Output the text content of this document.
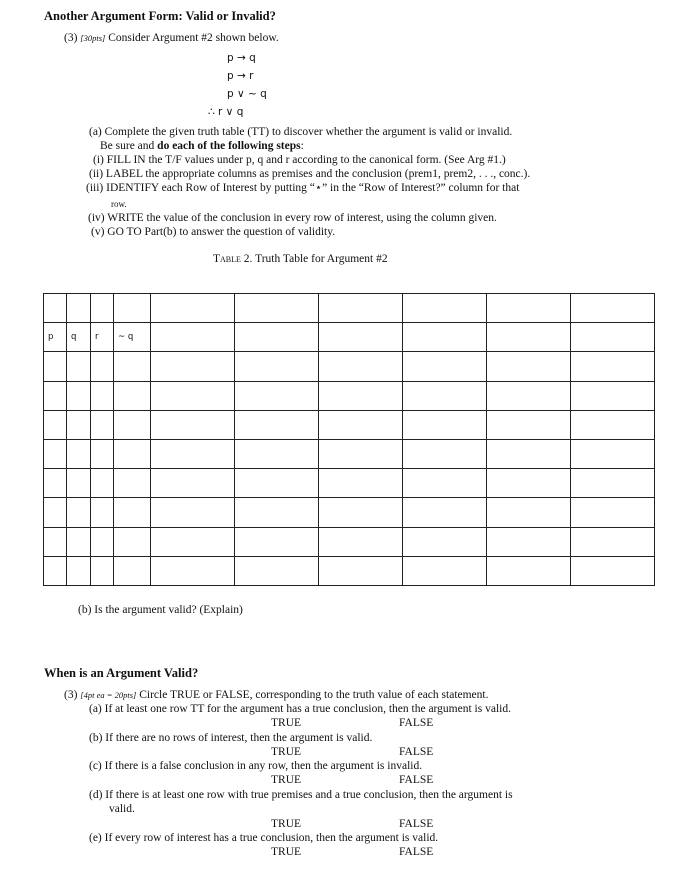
Another Argument Form: Valid or Invalid?
(3) [30pts] Consider Argument #2 shown below.
p → q
p → r
p ∨ ~ q
∴ r ∨ q
(a) Complete the given truth table (TT) to discover whether the argument is valid or invalid.
Be sure and do each of the following steps:
(i) FILL IN the T/F values under p, q and r according to the canonical form. (See Arg #1.)
(ii) LABEL the appropriate columns as premises and the conclusion (prem1, prem2, . . ., conc.).
(iii) IDENTIFY each Row of Interest by putting “⋆” in the “Row of Interest?” column for that
row.
(iv) WRITE the value of the conclusion in every row of interest, using the column given.
(v) GO TO Part(b) to answer the question of validity.
Table 2. Truth Table for Argument #2

p	q	r	~ q						

(b) Is the argument valid? (Explain)
When is an Argument Valid?
(3) [4pt ea = 20pts] Circle TRUE or FALSE, corresponding to the truth value of each statement.
(a) If at least one row TT for the argument has a true conclusion, then the argument is valid.
TRUE	FALSE
(b) If there are no rows of interest, then the argument is valid.
TRUE	FALSE
(c) If there is a false conclusion in any row, then the argument is invalid.
TRUE	FALSE
(d) If there is at least one row with true premises and a true conclusion, then the argument is
valid.
TRUE	FALSE
(e) If every row of interest has a true conclusion, then the argument is valid.
TRUE	FALSE
